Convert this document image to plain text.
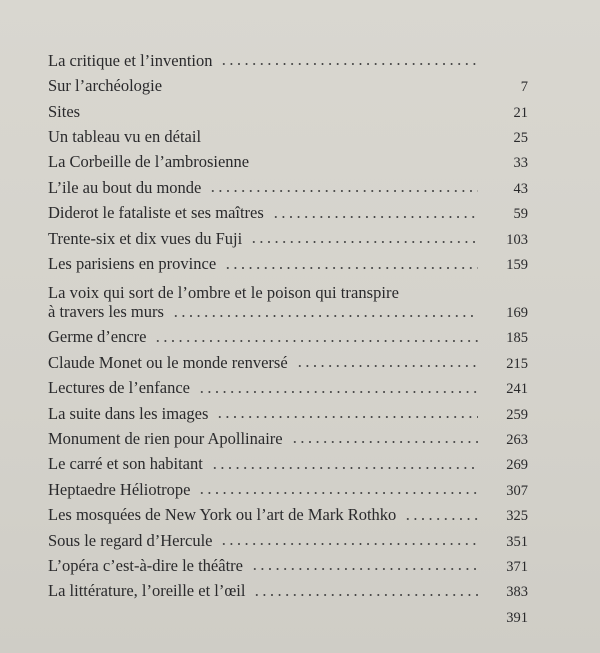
La critique et l’invention
Sur l’archéologie	7
Sites	21
Un tableau vu en détail	25
La Corbeille de l’ambrosienne	33
L’ile au bout du monde	43
Diderot le fataliste et ses maîtres	59
Trente-six et dix vues du Fuji	103
Les parisiens en province	159
La voix qui sort de l’ombre et le poison qui transpire
à travers les murs	169
Germe d’encre	185
Claude Monet ou le monde renversé	215
Lectures de l’enfance	241
La suite dans les images	259
Monument de rien pour Apollinaire	263
Le carré et son habitant	269
Heptaedre Héliotrope	307
Les mosquées de New York ou l’art de Mark Rothko	325
Sous le regard d’Hercule	351
L’opéra c’est-à-dire le théâtre	371
La littérature, l’oreille et l’œil	383
391
